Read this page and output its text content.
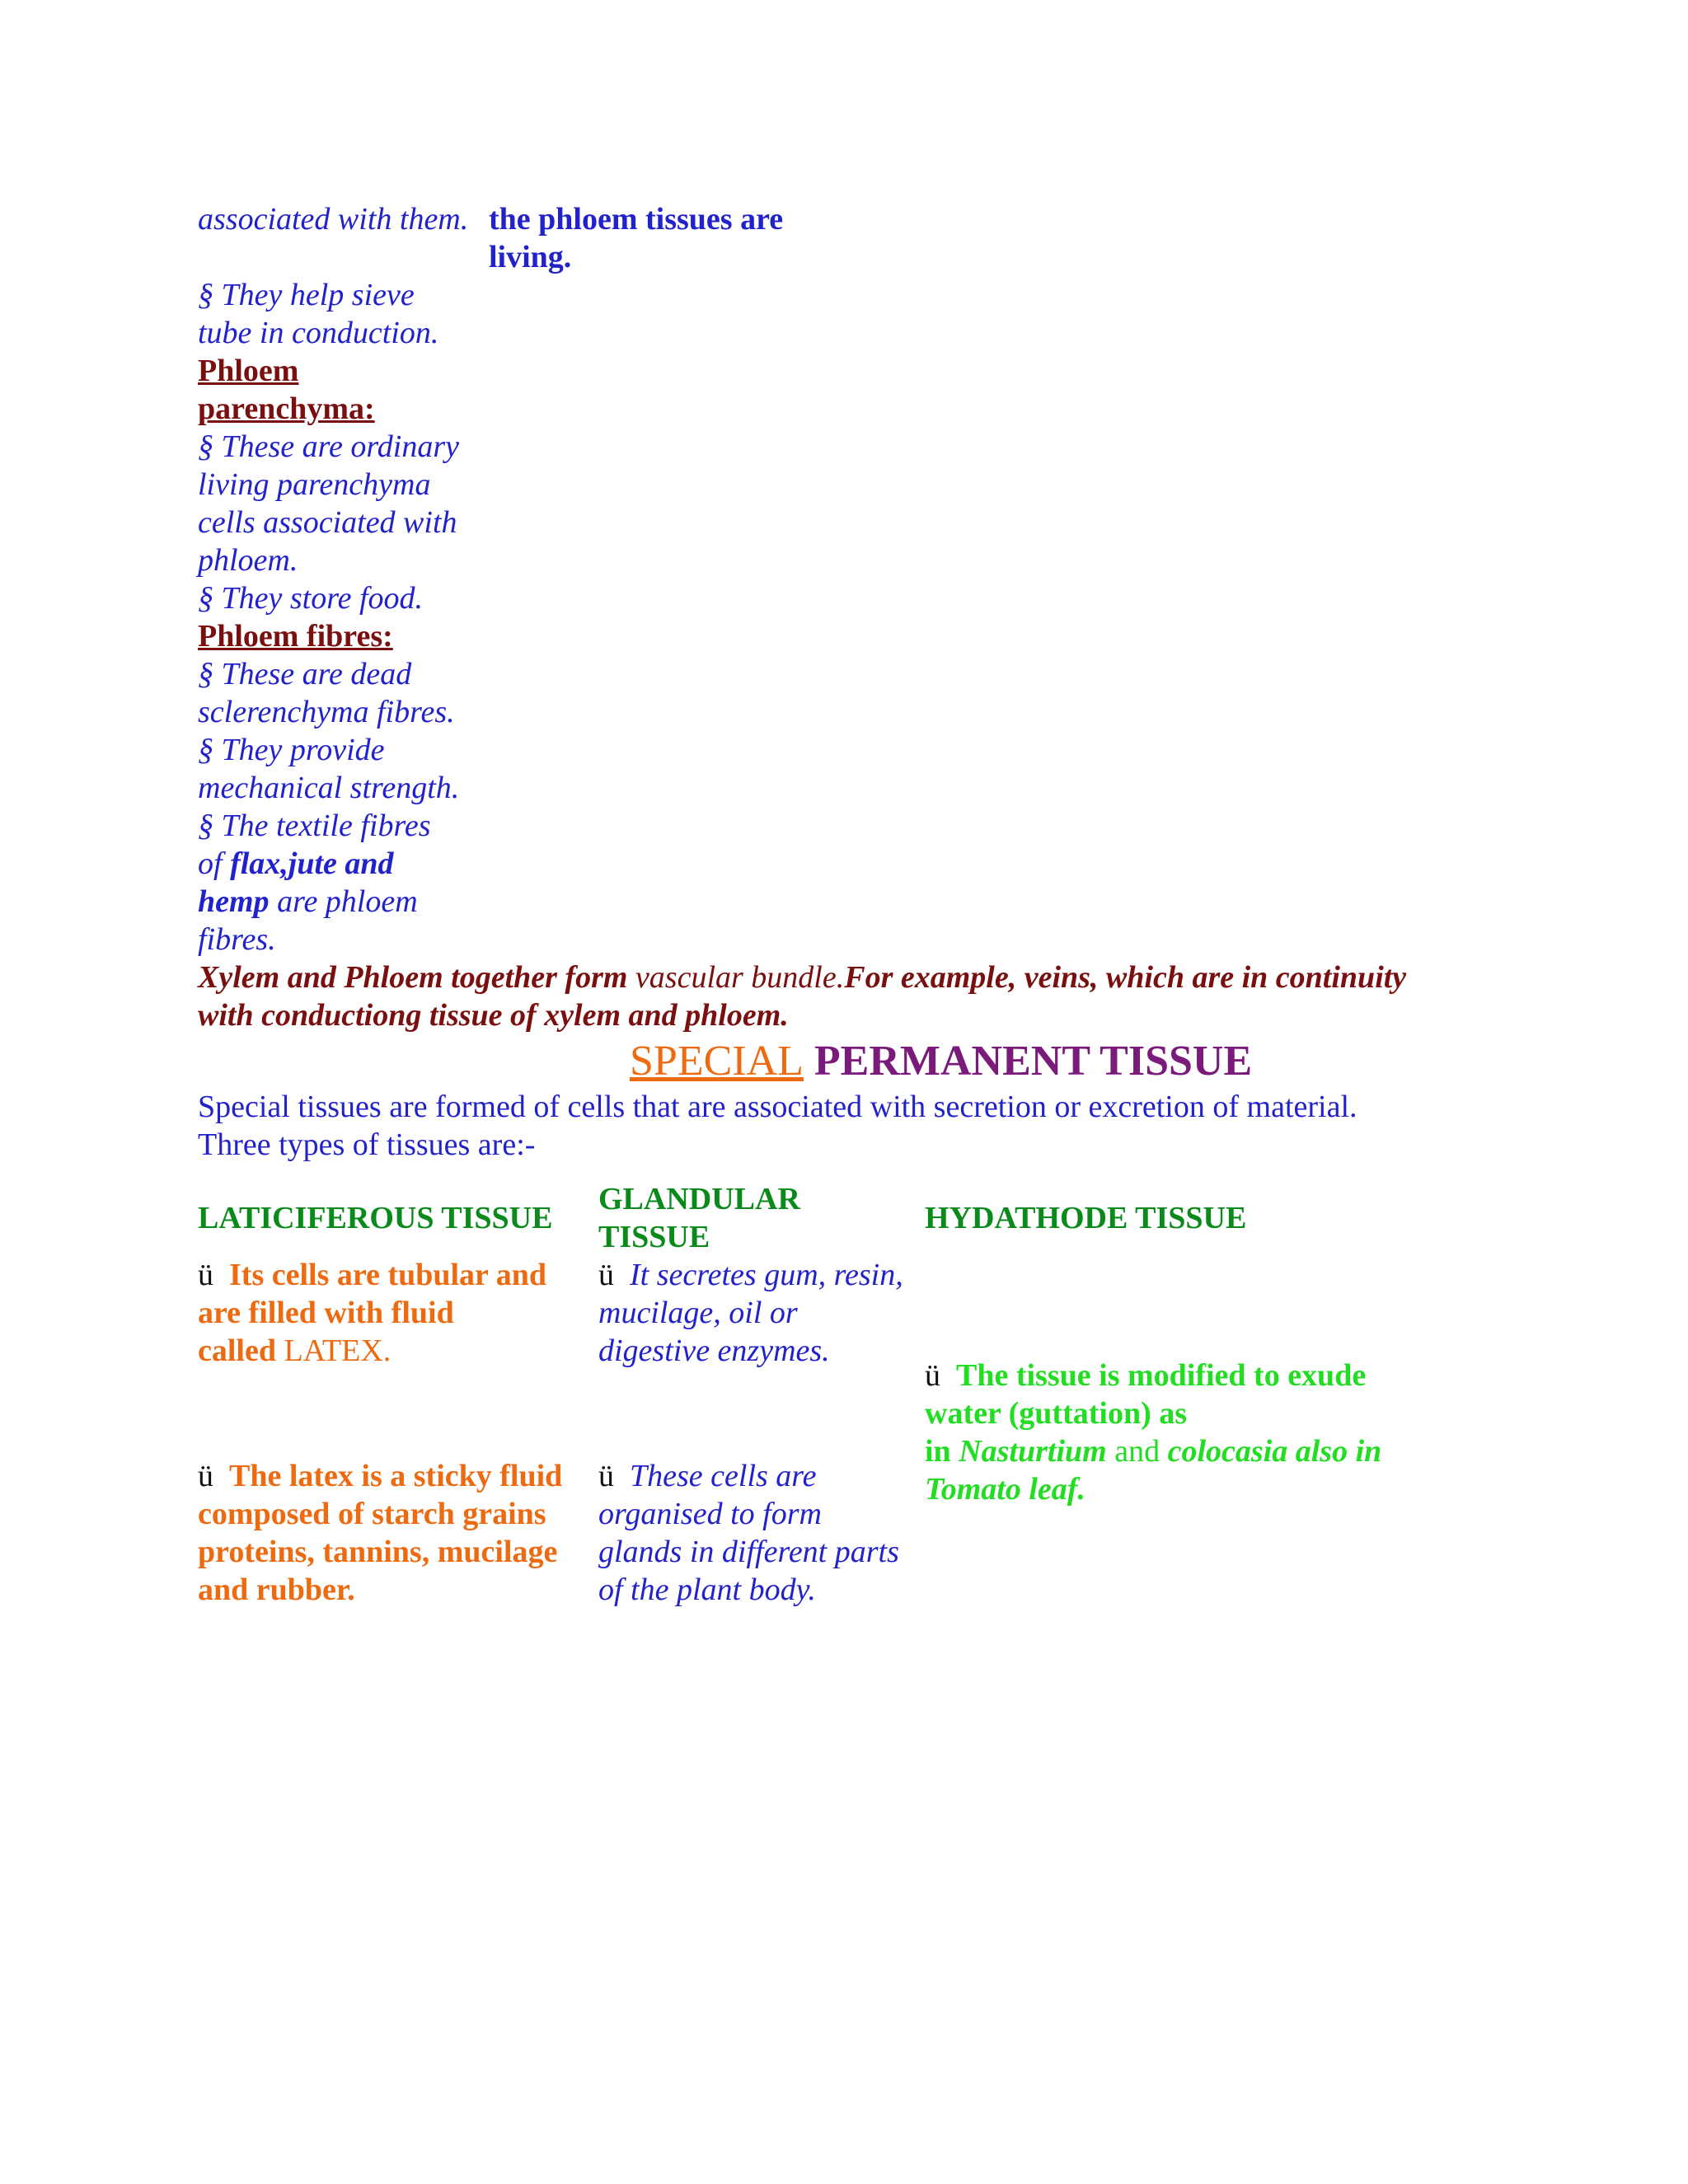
associated with them. the phloem tissues are
living.
§ They help sieve
tube in conduction.
Phloem
parenchyma:
§ These are ordinary
living parenchyma
cells associated with
phloem.
§ They store food.
Phloem fibres:
§ These are dead
sclerenchyma fibres.
§ They provide
mechanical strength.
§ The textile fibres
of flax,jute and
hemp are phloem
fibres.
Xylem and Phloem together form vascular bundle.For example, veins, which are in continuity
with conductiong tissue of xylem and phloem.
SPECIAL PERMANENT TISSUE
Special tissues are formed of cells that are associated with secretion or excretion of material.
Three types of tissues are:-
LATICIFEROUS TISSUE
GLANDULAR
TISSUE
HYDATHODE TISSUE
ü Its cells are tubular and
are filled with fluid
called LATEX.
ü The latex is a sticky fluid
composed of starch grains
proteins, tannins, mucilage
and rubber.
ü It secretes gum, resin,
mucilage, oil or
digestive enzymes.
ü These cells are
organised to form
glands in different parts
of the plant body.
ü The tissue is modified to exude
water (guttation) as
in Nasturtium and colocasia also in
Tomato leaf.
